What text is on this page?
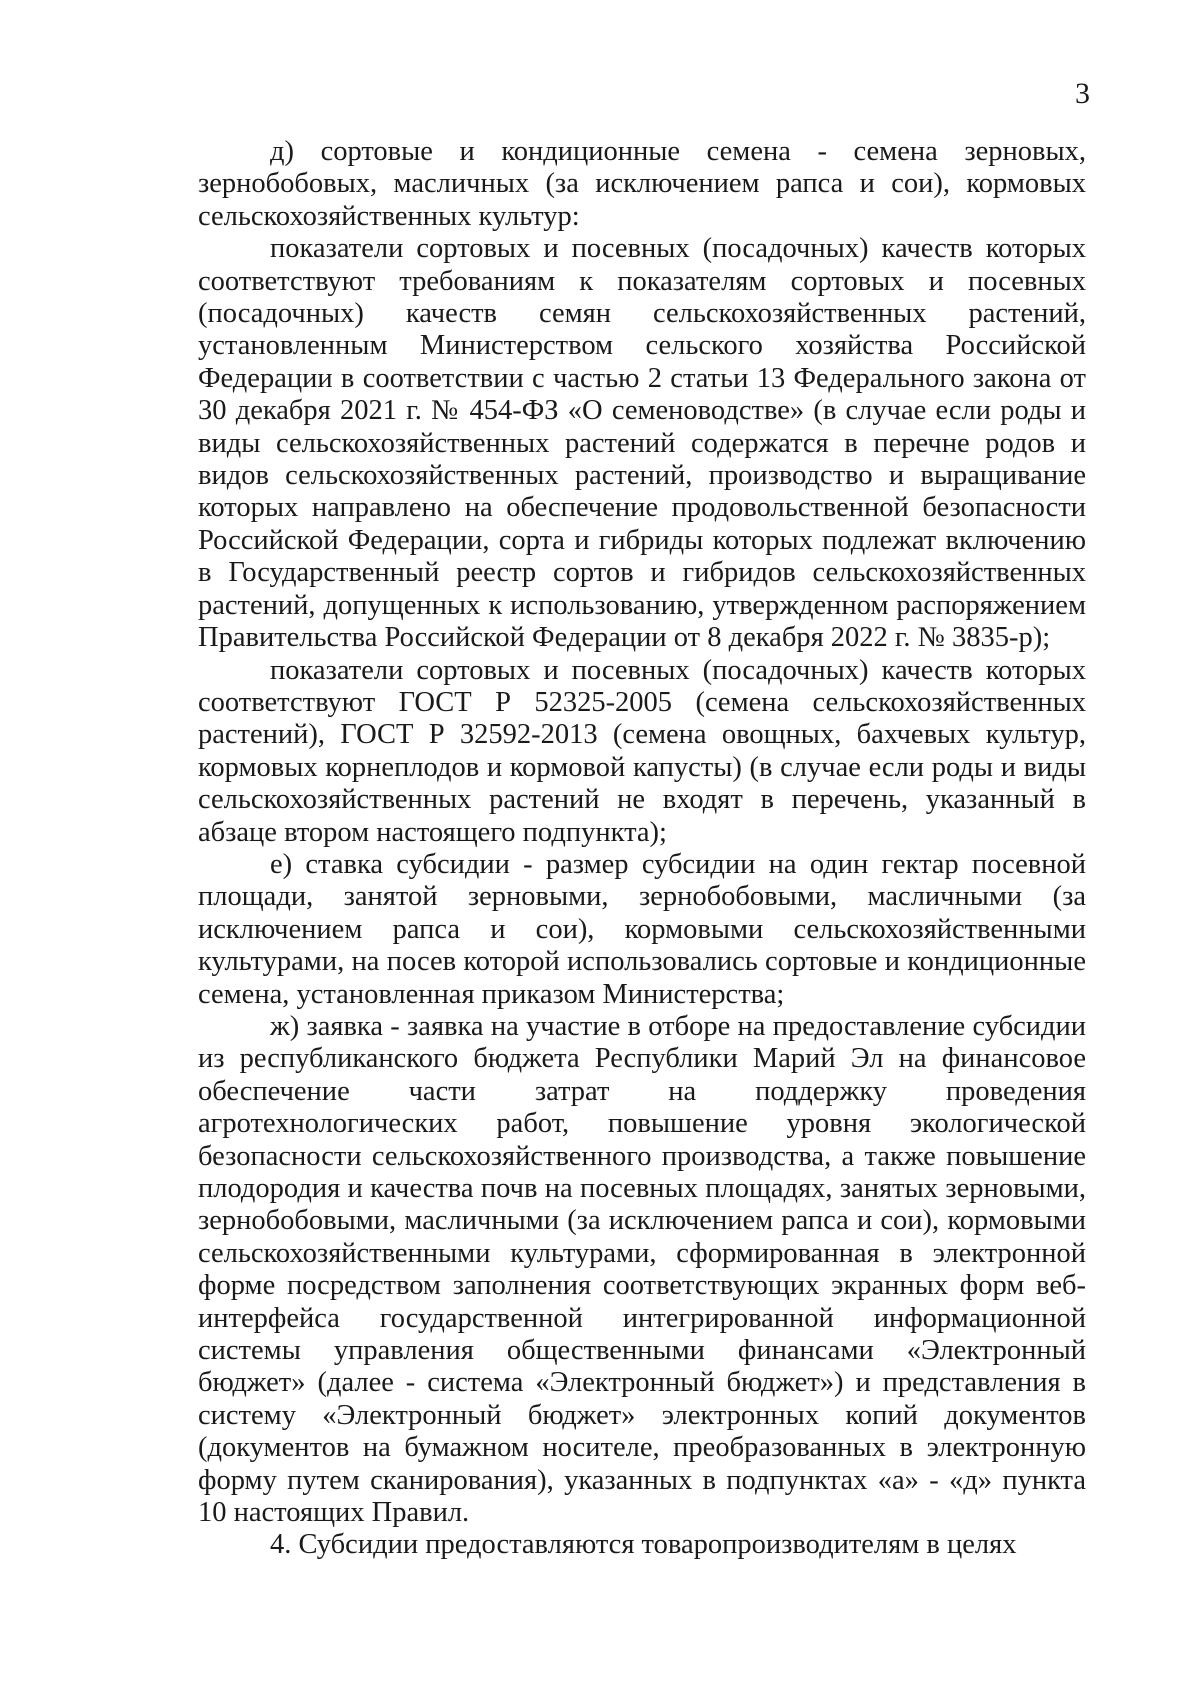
3

д) сортовые и кондиционные семена - семена зерновых, зернобобовых, масличных (за исключением рапса и сои), кормовых сельскохозяйственных культур:

показатели сортовых и посевных (посадочных) качеств которых соответствуют требованиям к показателям сортовых и посевных (посадочных) качеств семян сельскохозяйственных растений, установленным Министерством сельского хозяйства Российской Федерации в соответствии с частью 2 статьи 13 Федерального закона от 30 декабря 2021 г. № 454-ФЗ «О семеноводстве» (в случае если роды и виды сельскохозяйственных растений содержатся в перечне родов и видов сельскохозяйственных растений, производство и выращивание которых направлено на обеспечение продовольственной безопасности Российской Федерации, сорта и гибриды которых подлежат включению в Государственный реестр сортов и гибридов сельскохозяйственных растений, допущенных к использованию, утвержденном распоряжением Правительства Российской Федерации от 8 декабря 2022 г. № 3835-р);

показатели сортовых и посевных (посадочных) качеств которых соответствуют ГОСТ Р 52325-2005 (семена сельскохозяйственных растений), ГОСТ Р 32592-2013 (семена овощных, бахчевых культур, кормовых корнеплодов и кормовой капусты) (в случае если роды и виды сельскохозяйственных растений не входят в перечень, указанный в абзаце втором настоящего подпункта);

е) ставка субсидии - размер субсидии на один гектар посевной площади, занятой зерновыми, зернобобовыми, масличными (за исключением рапса и сои), кормовыми сельскохозяйственными культурами, на посев которой использовались сортовые и кондиционные семена, установленная приказом Министерства;

ж) заявка - заявка на участие в отборе на предоставление субсидии из республиканского бюджета Республики Марий Эл на финансовое обеспечение части затрат на поддержку проведения агротехнологических работ, повышение уровня экологической безопасности сельскохозяйственного производства, а также повышение плодородия и качества почв на посевных площадях, занятых зерновыми, зернобобовыми, масличными (за исключением рапса и сои), кормовыми сельскохозяйственными культурами, сформированная в электронной форме посредством заполнения соответствующих экранных форм веб-интерфейса государственной интегрированной информационной системы управления общественными финансами «Электронный бюджет» (далее - система «Электронный бюджет») и представления в систему «Электронный бюджет» электронных копий документов (документов на бумажном носителе, преобразованных в электронную форму путем сканирования), указанных в подпунктах «а» - «д» пункта 10 настоящих Правил.

4. Субсидии предоставляются товаропроизводителям в целях
